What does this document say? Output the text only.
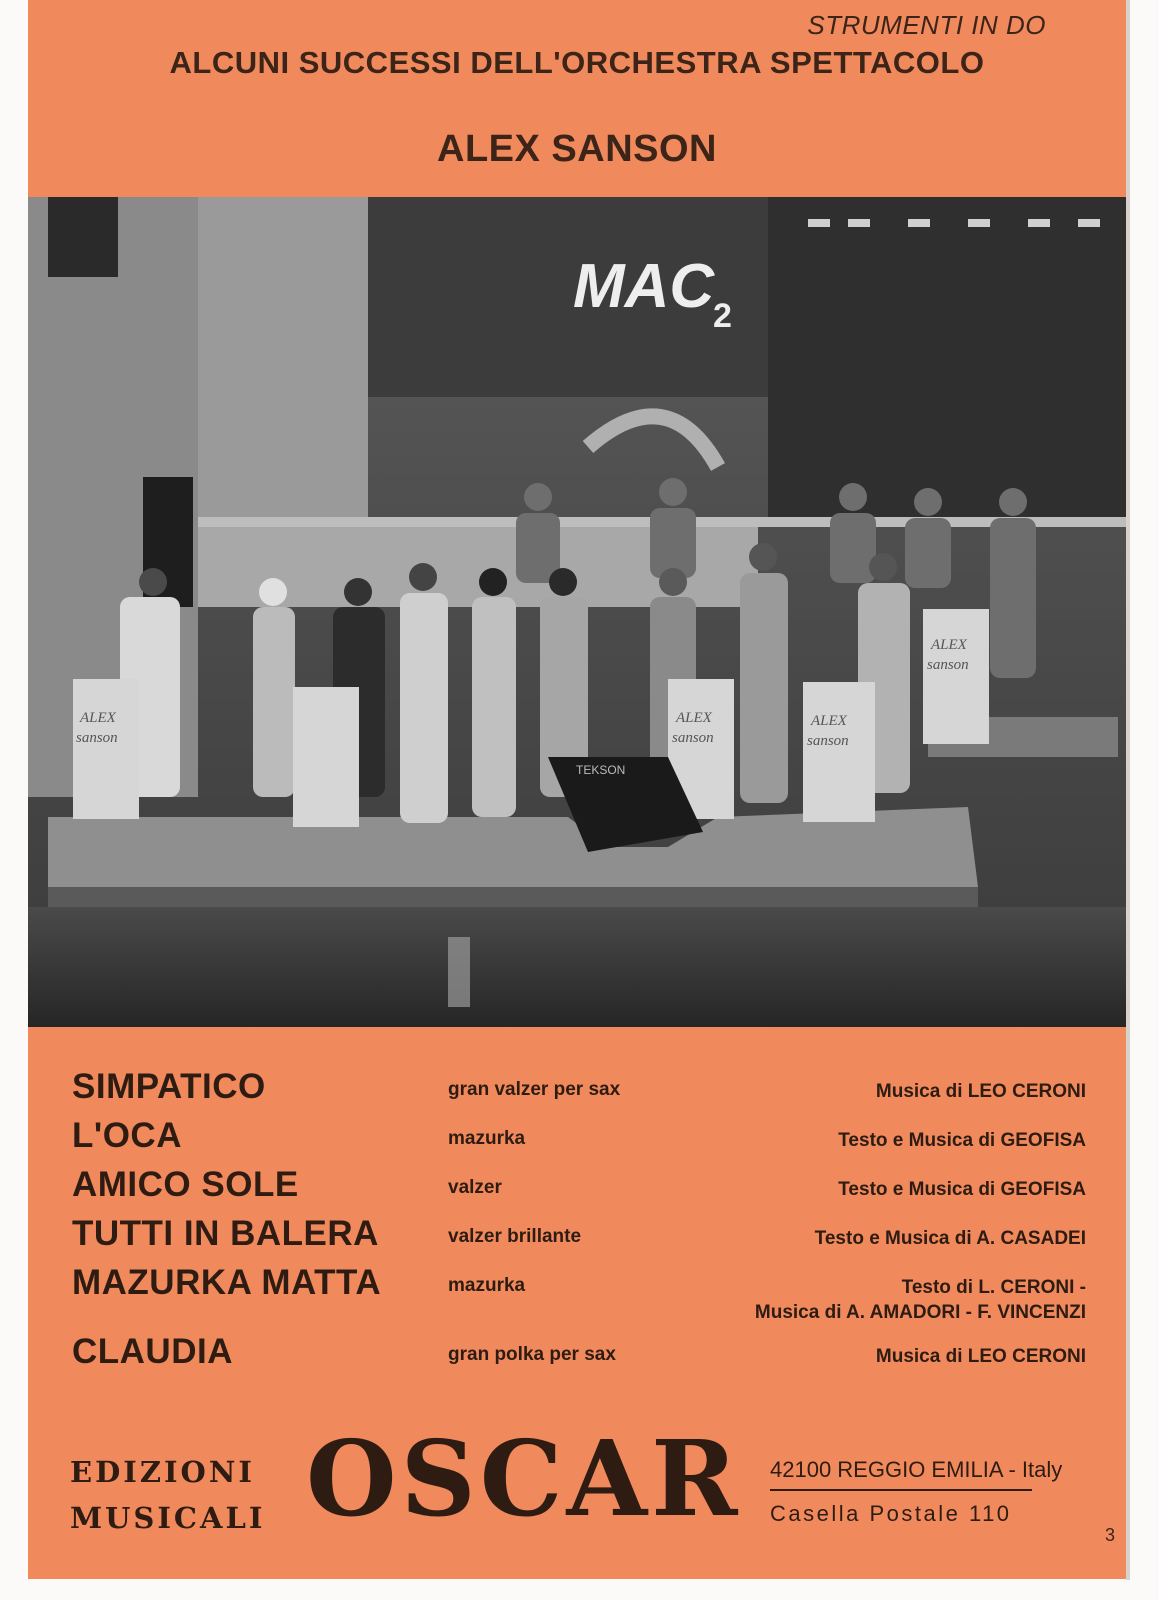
STRUMENTI IN DO
ALCUNI SUCCESSI DELL'ORCHESTRA SPETTACOLO
ALEX SANSON
MAC
2
ALEX
sanson
ALEX
sanson
ALEX
sanson
ALEX
sanson
TEKSON
SIMPATICO	gran valzer per sax	Musica di LEO CERONI
L'OCA	mazurka	Testo e Musica di GEOFISA
AMICO SOLE	valzer	Testo e Musica di GEOFISA
TUTTI IN BALERA	valzer brillante	Testo e Musica di A. CASADEI
MAZURKA MATTA	mazurka	Testo di L. CERONI -
Musica di A. AMADORI - F. VINCENZI
CLAUDIA	gran polka per sax	Musica di LEO CERONI
EDIZIONI
MUSICALI OSCAR 42100 REGGIO EMILIA - Italy
Casella Postale 110
3
